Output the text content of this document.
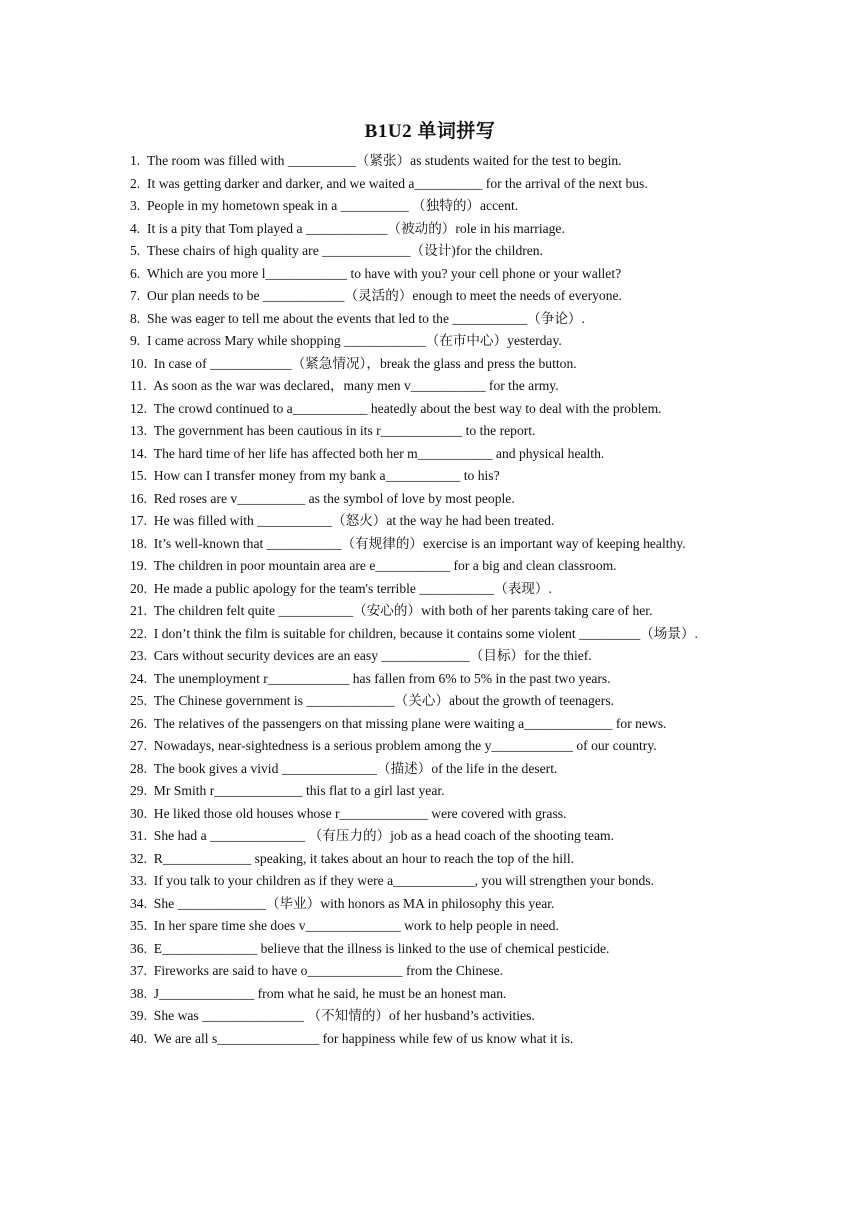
B1U2 单词拼写
1. The room was filled with __________（紧张）as students waited for the test to begin.
2. It was getting darker and darker, and we waited a__________ for the arrival of the next bus.
3. People in my hometown speak in a __________ （独特的）accent.
4. It is a pity that Tom played a ____________（被动的）role in his marriage.
5. These chairs of high quality are _____________（设计)for the children.
6. Which are you more l____________ to have with you? your cell phone or your wallet?
7. Our plan needs to be ____________（灵活的）enough to meet the needs of everyone.
8. She was eager to tell me about the events that led to the ___________（争论）.
9. I came across Mary while shopping ____________（在市中心）yesterday.
10. In case of ____________（紧急情况），break the glass and press the button.
11. As soon as the war was declared，many men v___________ for the army.
12. The crowd continued to a___________ heatedly about the best way to deal with the problem.
13. The government has been cautious in its r____________ to the report.
14. The hard time of her life has affected both her m___________ and physical health.
15. How can I transfer money from my bank a___________ to his?
16. Red roses are v__________ as the symbol of love by most people.
17. He was filled with ___________（怒火）at the way he had been treated.
18. It’s well-known that ___________（有规律的）exercise is an important way of keeping healthy.
19. The children in poor mountain area are e___________ for a big and clean classroom.
20. He made a public apology for the team's terrible ___________（表现）.
21. The children felt quite ___________（安心的）with both of her parents taking care of her.
22. I don’t think the film is suitable for children, because it contains some violent _________（场景）.
23. Cars without security devices are an easy _____________（目标）for the thief.
24. The unemployment r____________ has fallen from 6% to 5% in the past two years.
25. The Chinese government is _____________（关心）about the growth of teenagers.
26. The relatives of the passengers on that missing plane were waiting a_____________ for news.
27. Nowadays, near-sightedness is a serious problem among the y____________ of our country.
28. The book gives a vivid ______________（描述）of the life in the desert.
29. Mr Smith r_____________ this flat to a girl last year.
30. He liked those old houses whose r_____________ were covered with grass.
31. She had a ______________ （有压力的）job as a head coach of the shooting team.
32. R_____________ speaking, it takes about an hour to reach the top of the hill.
33. If you talk to your children as if they were a____________, you will strengthen your bonds.
34. She _____________（毕业）with honors as MA in philosophy this year.
35. In her spare time she does v______________ work to help people in need.
36. E______________ believe that the illness is linked to the use of chemical pesticide.
37. Fireworks are said to have o______________ from the Chinese.
38. J______________ from what he said, he must be an honest man.
39. She was _______________ （不知情的）of her husband’s activities.
40. We are all s_______________ for happiness while few of us know what it is.
